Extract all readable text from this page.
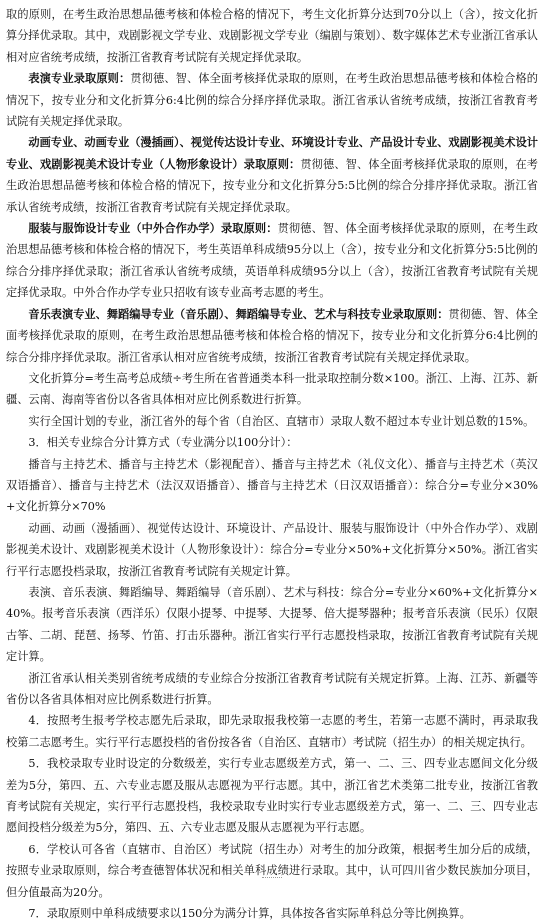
取的原则，在考生政治思想品德考核和体检合格的情况下，考生文化折算分达到70分以上（含），按文化折算分择优录取。其中，戏剧影视文学专业、戏剧影视文学专业（编剧与策划）、数字媒体艺术专业浙江省承认相对应省统考成绩，按浙江省教育考试院有关规定择优录取。

表演专业录取原则：贯彻德、智、体全面考核择优录取的原则，在考生政治思想品德考核和体检合格的情况下，按专业分和文化折算分6:4比例的综合分择序择优录取。浙江省承认省统考成绩，按浙江省教育考试院有关规定择优录取。

动画专业、动画专业（漫插画）、视觉传达设计专业、环境设计专业、产品设计专业、戏剧影视美术设计专业、戏剧影视美术设计专业（人物形象设计）录取原则：贯彻德、智、体全面考核择优录取的原则，在考生政治思想品德考核和体检合格的情况下，按专业分和文化折算分5:5比例的综合分排序择优录取。浙江省承认省统考成绩，按浙江省教育考试院有关规定择优录取。

服装与服饰设计专业（中外合作办学）录取原则：贯彻德、智、体全面考核择优录取的原则，在考生政治思想品德考核和体检合格的情况下，考生英语单科成绩95分以上（含），按专业分和文化折算分5:5比例的综合分排序择优录取；浙江省承认省统考成绩，英语单科成绩95分以上（含），按浙江省教育考试院有关规定择优录取。中外合作办学专业只招收有该专业高考志愿的考生。

音乐表演专业、舞蹈编导专业（音乐剧）、舞蹈编导专业、艺术与科技专业录取原则：贯彻德、智、体全面考核择优录取的原则，在考生政治思想品德考核和体检合格的情况下，按专业分和文化折算分6:4比例的综合分排序择优录取。浙江省承认相对应省统考成绩，按浙江省教育考试院有关规定择优录取。

文化折算分=考生高考总成绩÷考生所在省普通类本科一批录取控制分数×100。浙江、上海、江苏、新疆、云南、海南等省份以各省具体相对应比例系数进行折算。

实行全国计划的专业，浙江省外的每个省（自治区、直辖市）录取人数不超过本专业计划总数的15%。

3．相关专业综合分计算方式（专业满分以100分计）：

播音与主持艺术、播音与主持艺术（影视配音）、播音与主持艺术（礼仪文化）、播音与主持艺术（英汉双语播音）、播音与主持艺术（法汉双语播音）、播音与主持艺术（日汉双语播音）：综合分=专业分×30%+文化折算分×70%

动画、动画（漫插画）、视觉传达设计、环境设计、产品设计、服装与服饰设计（中外合作办学）、戏剧影视美术设计、戏剧影视美术设计（人物形象设计）：综合分=专业分×50%+文化折算分×50%。浙江省实行平行志愿投档录取，按浙江省教育考试院有关规定计算。

表演、音乐表演、舞蹈编导、舞蹈编导（音乐剧）、艺术与科技：综合分=专业分×60%+文化折算分×40%。报考音乐表演（西洋乐）仅限小提琴、中提琴、大提琴、倍大提琴器种；报考音乐表演（民乐）仅限古筝、二胡、琵琶、扬琴、竹笛、打击乐器种。浙江省实行平行志愿投档录取，按浙江省教育考试院有关规定计算。

浙江省承认相关类别省统考成绩的专业综合分按浙江省教育考试院有关规定折算。上海、江苏、新疆等省份以各省具体相对应比例系数进行折算。

4．按照考生报考学校志愿先后录取，即先录取报我校第一志愿的考生，若第一志愿不满时，再录取我校第二志愿考生。实行平行志愿投档的省份按各省（自治区、直辖市）考试院（招生办）的相关规定执行。

5．我校录取专业时设定的分数级差，实行专业志愿级差方式，第一、二、三、四专业志愿间文化分级差为5分，第四、五、六专业志愿及服从志愿视为平行志愿。其中，浙江省艺术类第二批专业，按浙江省教育考试院有关规定，实行平行志愿投档，我校录取专业时实行专业志愿级差方式，第一、二、三、四专业志愿间投档分级差为5分，第四、五、六专业志愿及服从志愿视为平行志愿。

6．学校认可各省（直辖市、自治区）考试院（招生办）对考生的加分政策，根据考生加分后的成绩，按照专业录取原则，综合考查德智体状况和相关单科成绩进行录取。其中，认可四川省少数民族加分项目，但分值最高为20分。

7．录取原则中单科成绩要求以150分为满分计算，具体按各省实际单科总分等比例换算。
